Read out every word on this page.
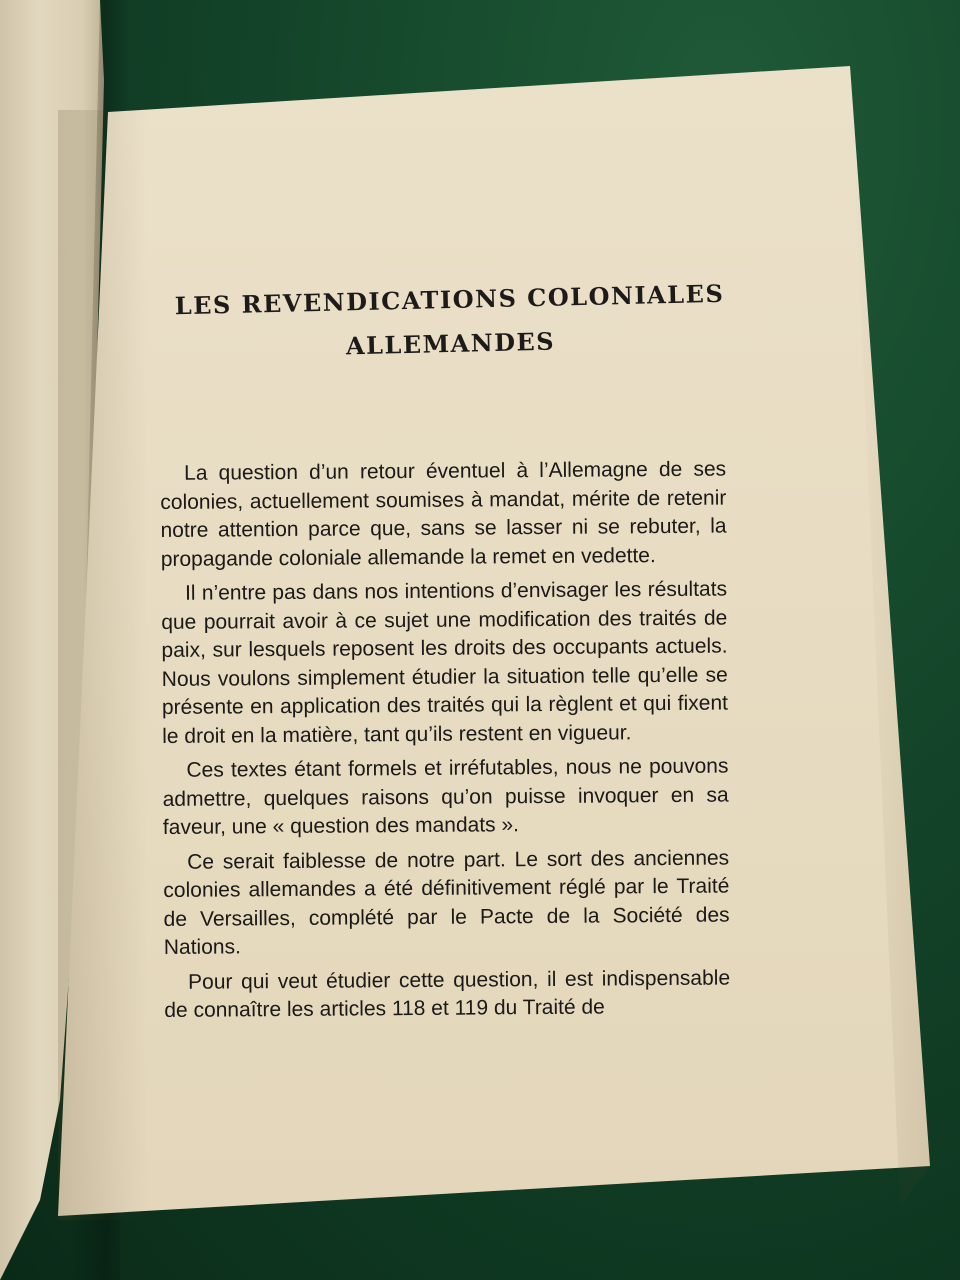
LES REVENDICATIONS COLONIALES
ALLEMANDES

La question d’un retour éventuel à l’Allemagne de ses colonies, actuellement soumises à mandat, mérite de retenir notre attention parce que, sans se lasser ni se rebuter, la propagande coloniale allemande la remet en vedette.

Il n’entre pas dans nos intentions d’envisager les résultats que pourrait avoir à ce sujet une modification des traités de paix, sur lesquels reposent les droits des occupants actuels. Nous voulons simplement étudier la situation telle qu’elle se présente en application des traités qui la règlent et qui fixent le droit en la matière, tant qu’ils restent en vigueur.

Ces textes étant formels et irréfutables, nous ne pouvons admettre, quelques raisons qu’on puisse invoquer en sa faveur, une « question des mandats ».

Ce serait faiblesse de notre part. Le sort des anciennes colonies allemandes a été définitivement réglé par le Traité de Versailles, complété par le Pacte de la Société des Nations.

Pour qui veut étudier cette question, il est indispensable de connaître les articles 118 et 119 du Traité de
